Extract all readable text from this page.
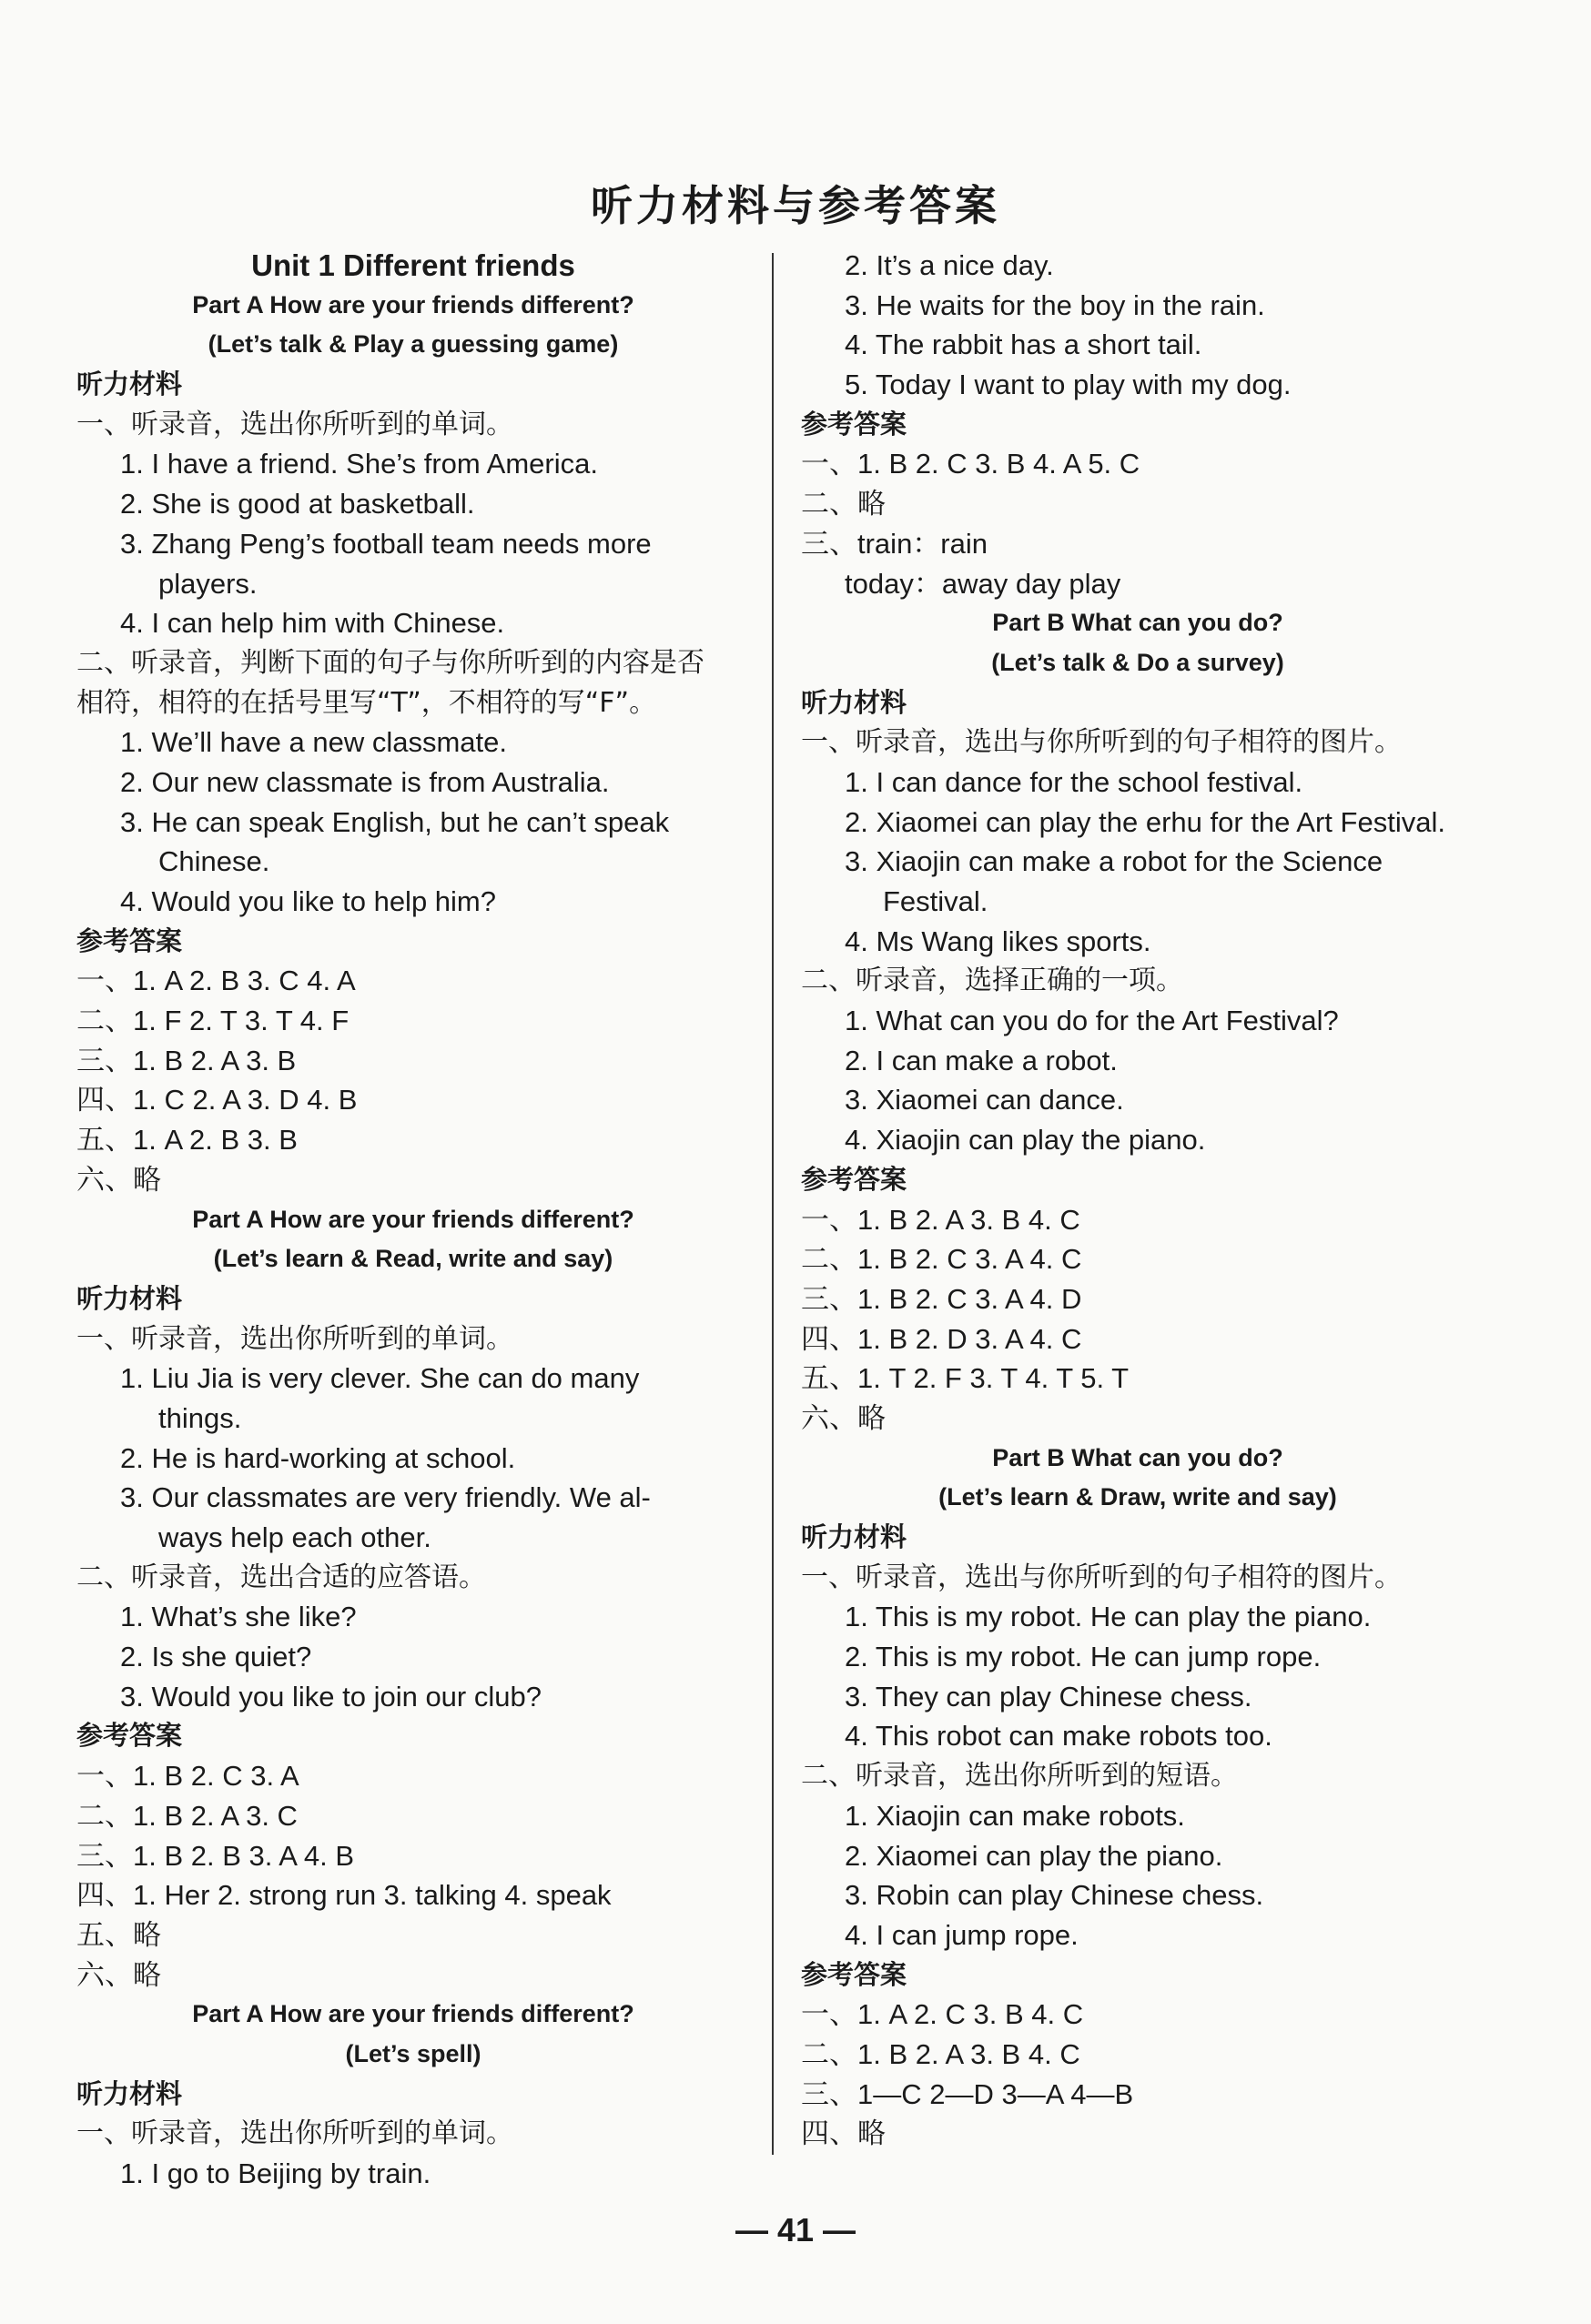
听力材料与参考答案
Unit 1 Different friends
Part A How are your friends different?
(Let’s talk & Play a guessing game)
听力材料
一、听录音，选出你所听到的单词。
1. I have a friend. She’s from America.
2. She is good at basketball.
3. Zhang Peng’s football team needs more
players.
4. I can help him with Chinese.
二、听录音，判断下面的句子与你所听到的内容是否
相符，相符的在括号里写“T”，不相符的写“F”。
1. We’ll have a new classmate.
2. Our new classmate is from Australia.
3. He can speak English, but he can’t speak
Chinese.
4. Would you like to help him?
参考答案
一、1. A 2. B 3. C 4. A
二、1. F 2. T 3. T 4. F
三、1. B 2. A 3. B
四、1. C 2. A 3. D 4. B
五、1. A 2. B 3. B
六、略
Part A How are your friends different?
(Let’s learn & Read, write and say)
听力材料
一、听录音，选出你所听到的单词。
1. Liu Jia is very clever. She can do many
things.
2. He is hard-working at school.
3. Our classmates are very friendly. We al-
ways help each other.
二、听录音，选出合适的应答语。
1. What’s she like?
2. Is she quiet?
3. Would you like to join our club?
参考答案
一、1. B 2. C 3. A
二、1. B 2. A 3. C
三、1. B 2. B 3. A 4. B
四、1. Her 2. strong run 3. talking 4. speak
五、略
六、略
Part A How are your friends different?
(Let’s spell)
听力材料
一、听录音，选出你所听到的单词。
1. I go to Beijing by train.
2. It’s a nice day.
3. He waits for the boy in the rain.
4. The rabbit has a short tail.
5. Today I want to play with my dog.
参考答案
一、1. B 2. C 3. B 4. A 5. C
二、略
三、train：rain
today：away day play
Part B What can you do?
(Let’s talk & Do a survey)
听力材料
一、听录音，选出与你所听到的句子相符的图片。
1. I can dance for the school festival.
2. Xiaomei can play the erhu for the Art Festival.
3. Xiaojin can make a robot for the Science
Festival.
4. Ms Wang likes sports.
二、听录音，选择正确的一项。
1. What can you do for the Art Festival?
2. I can make a robot.
3. Xiaomei can dance.
4. Xiaojin can play the piano.
参考答案
一、1. B 2. A 3. B 4. C
二、1. B 2. C 3. A 4. C
三、1. B 2. C 3. A 4. D
四、1. B 2. D 3. A 4. C
五、1. T 2. F 3. T 4. T 5. T
六、略
Part B What can you do?
(Let’s learn & Draw, write and say)
听力材料
一、听录音，选出与你所听到的句子相符的图片。
1. This is my robot. He can play the piano.
2. This is my robot. He can jump rope.
3. They can play Chinese chess.
4. This robot can make robots too.
二、听录音，选出你所听到的短语。
1. Xiaojin can make robots.
2. Xiaomei can play the piano.
3. Robin can play Chinese chess.
4. I can jump rope.
参考答案
一、1. A 2. C 3. B 4. C
二、1. B 2. A 3. B 4. C
三、1—C 2—D 3—A 4—B
四、略
— 41 —
